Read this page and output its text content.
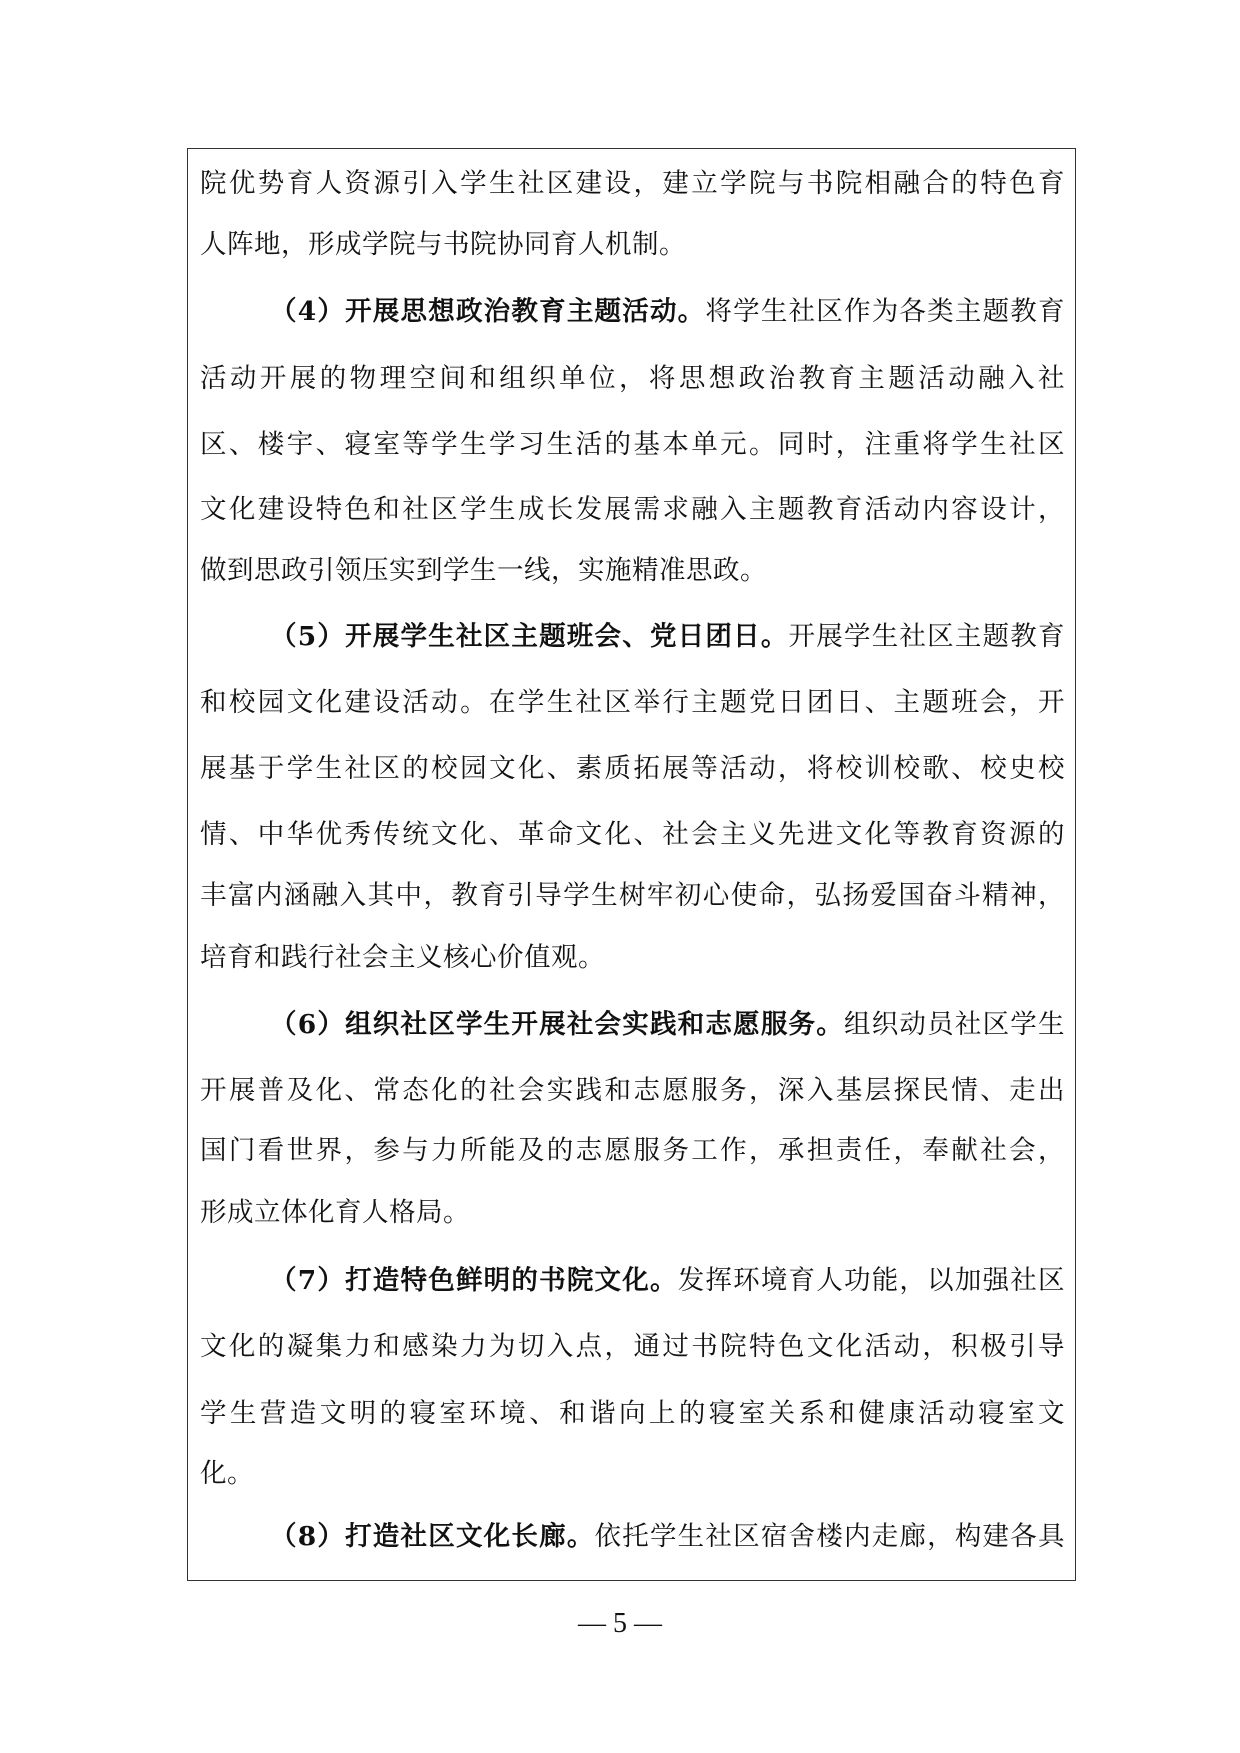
院优势育人资源引入学生社区建设，建立学院与书院相融合的特色育
人阵地，形成学院与书院协同育人机制。
（4）开展思想政治教育主题活动。将学生社区作为各类主题教育
活动开展的物理空间和组织单位，将思想政治教育主题活动融入社
区、楼宇、寝室等学生学习生活的基本单元。同时，注重将学生社区
文化建设特色和社区学生成长发展需求融入主题教育活动内容设计，
做到思政引领压实到学生一线，实施精准思政。
（5）开展学生社区主题班会、党日团日。开展学生社区主题教育
和校园文化建设活动。在学生社区举行主题党日团日、主题班会，开
展基于学生社区的校园文化、素质拓展等活动，将校训校歌、校史校
情、中华优秀传统文化、革命文化、社会主义先进文化等教育资源的
丰富内涵融入其中，教育引导学生树牢初心使命，弘扬爱国奋斗精神，
培育和践行社会主义核心价值观。
（6）组织社区学生开展社会实践和志愿服务。组织动员社区学生
开展普及化、常态化的社会实践和志愿服务，深入基层探民情、走出
国门看世界，参与力所能及的志愿服务工作，承担责任，奉献社会，
形成立体化育人格局。
（7）打造特色鲜明的书院文化。发挥环境育人功能，以加强社区
文化的凝集力和感染力为切入点，通过书院特色文化活动，积极引导
学生营造文明的寝室环境、和谐向上的寝室关系和健康活动寝室文
化。
（8）打造社区文化长廊。依托学生社区宿舍楼内走廊，构建各具
— 5 —
